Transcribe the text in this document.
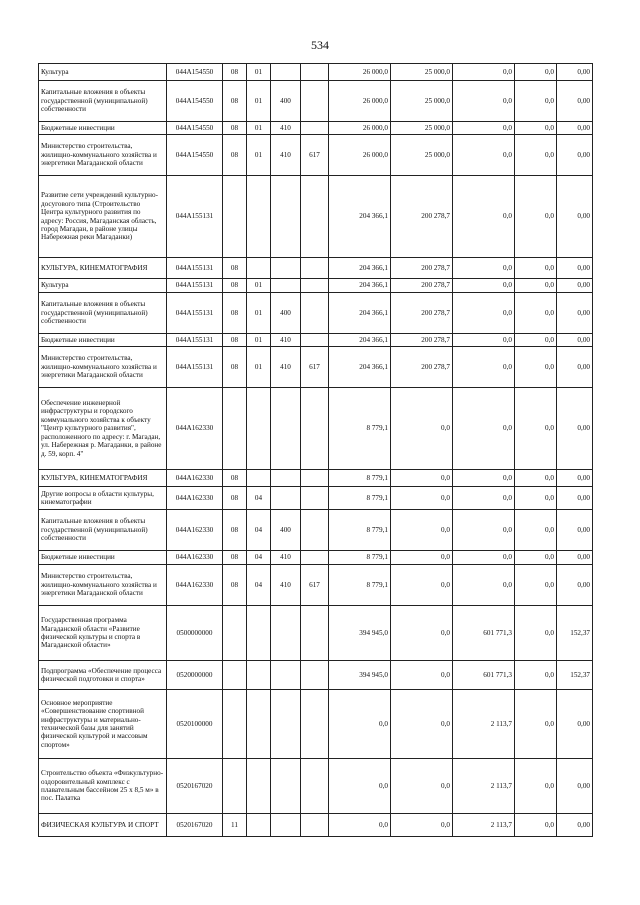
534
Культура	044A154550	08	01			26 000,0	25 000,0	0,0	0,0	0,00
Капитальные вложения в объекты государственной (муниципальной) собственности	044A154550	08	01	400		26 000,0	25 000,0	0,0	0,0	0,00
Бюджетные инвестиции	044A154550	08	01	410		26 000,0	25 000,0	0,0	0,0	0,00
Министерство строительства, жилищно-коммунального хозяйства и энергетики Магаданской области	044A154550	08	01	410	617	26 000,0	25 000,0	0,0	0,0	0,00
Развитие сети учреждений культурно-досугового типа (Строительство Центра культурного развития по адресу: Россия, Магаданская область, город Магадан, в районе улицы Набережная реки Магаданки)	044A155131					204 366,1	200 278,7	0,0	0,0	0,00
КУЛЬТУРА, КИНЕМАТОГРАФИЯ	044A155131	08				204 366,1	200 278,7	0,0	0,0	0,00
Культура	044A155131	08	01			204 366,1	200 278,7	0,0	0,0	0,00
Капитальные вложения в объекты государственной (муниципальной) собственности	044A155131	08	01	400		204 366,1	200 278,7	0,0	0,0	0,00
Бюджетные инвестиции	044A155131	08	01	410		204 366,1	200 278,7	0,0	0,0	0,00
Министерство строительства, жилищно-коммунального хозяйства и энергетики Магаданской области	044A155131	08	01	410	617	204 366,1	200 278,7	0,0	0,0	0,00
Обеспечение инженерной инфраструктуры и городского коммунального хозяйства к объекту "Центр культурного развития", расположенного по адресу: г. Магадан, ул. Набережная р. Магаданки, в районе д. 59, корп. 4"	044A162330					8 779,1	0,0	0,0	0,0	0,00
КУЛЬТУРА, КИНЕМАТОГРАФИЯ	044A162330	08				8 779,1	0,0	0,0	0,0	0,00
Другие вопросы в области культуры, кинематографии	044A162330	08	04			8 779,1	0,0	0,0	0,0	0,00
Капитальные вложения в объекты государственной (муниципальной) собственности	044A162330	08	04	400		8 779,1	0,0	0,0	0,0	0,00
Бюджетные инвестиции	044A162330	08	04	410		8 779,1	0,0	0,0	0,0	0,00
Министерство строительства, жилищно-коммунального хозяйства и энергетики Магаданской области	044A162330	08	04	410	617	8 779,1	0,0	0,0	0,0	0,00
Государственная программа Магаданской области «Развитие физической культуры и спорта в Магаданской области»	0500000000					394 945,0	0,0	601 771,3	0,0	152,37
Подпрограмма «Обеспечение процесса физической подготовки и спорта»	0520000000					394 945,0	0,0	601 771,3	0,0	152,37
Основное мероприятие «Совершенствование спортивной инфраструктуры и материально-технической базы для занятий физической культурой и массовым спортом»	0520100000					0,0	0,0	2 113,7	0,0	0,00
Строительство объекта «Физкультурно-оздоровительный комплекс с плавательным бассейном 25 х 8,5 м» в пос. Палатка	0520167020					0,0	0,0	2 113,7	0,0	0,00
ФИЗИЧЕСКАЯ КУЛЬТУРА И СПОРТ	0520167020	11				0,0	0,0	2 113,7	0,0	0,00
